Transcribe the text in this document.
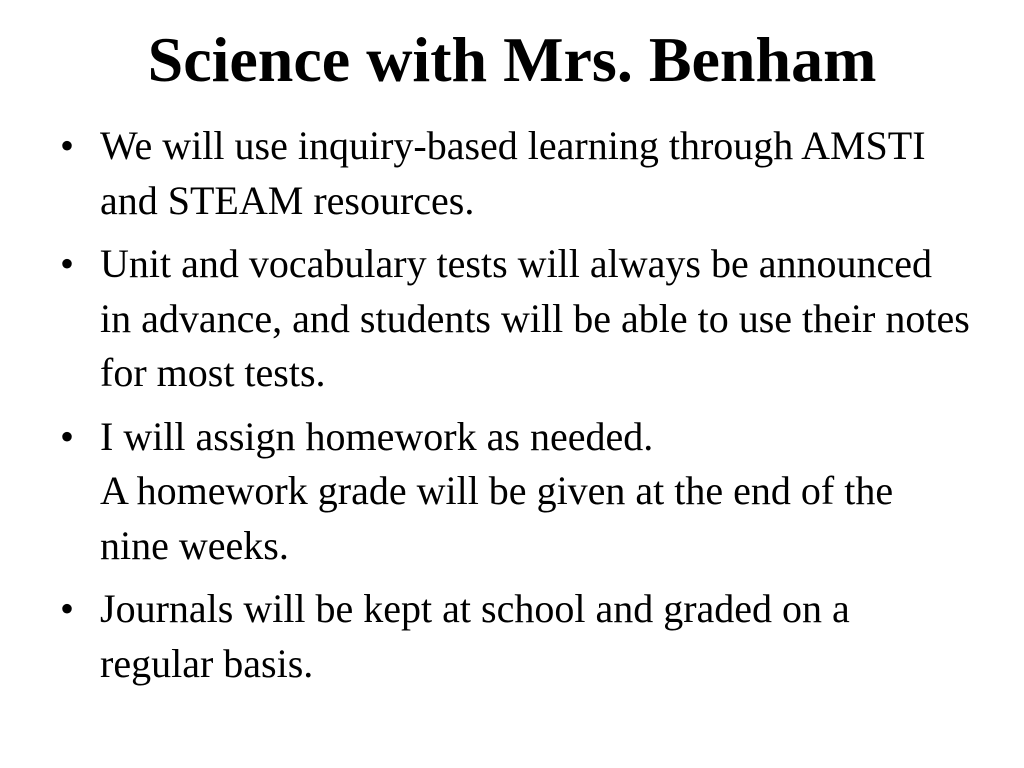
Science with Mrs. Benham
• We will use inquiry-based learning through AMSTI and STEAM resources.
• Unit and vocabulary tests will always be announced in advance, and students will be able to use their notes for most tests.
• I will assign homework as needed.
A homework grade will be given at the end of the nine weeks.
• Journals will be kept at school and graded on a regular basis.
